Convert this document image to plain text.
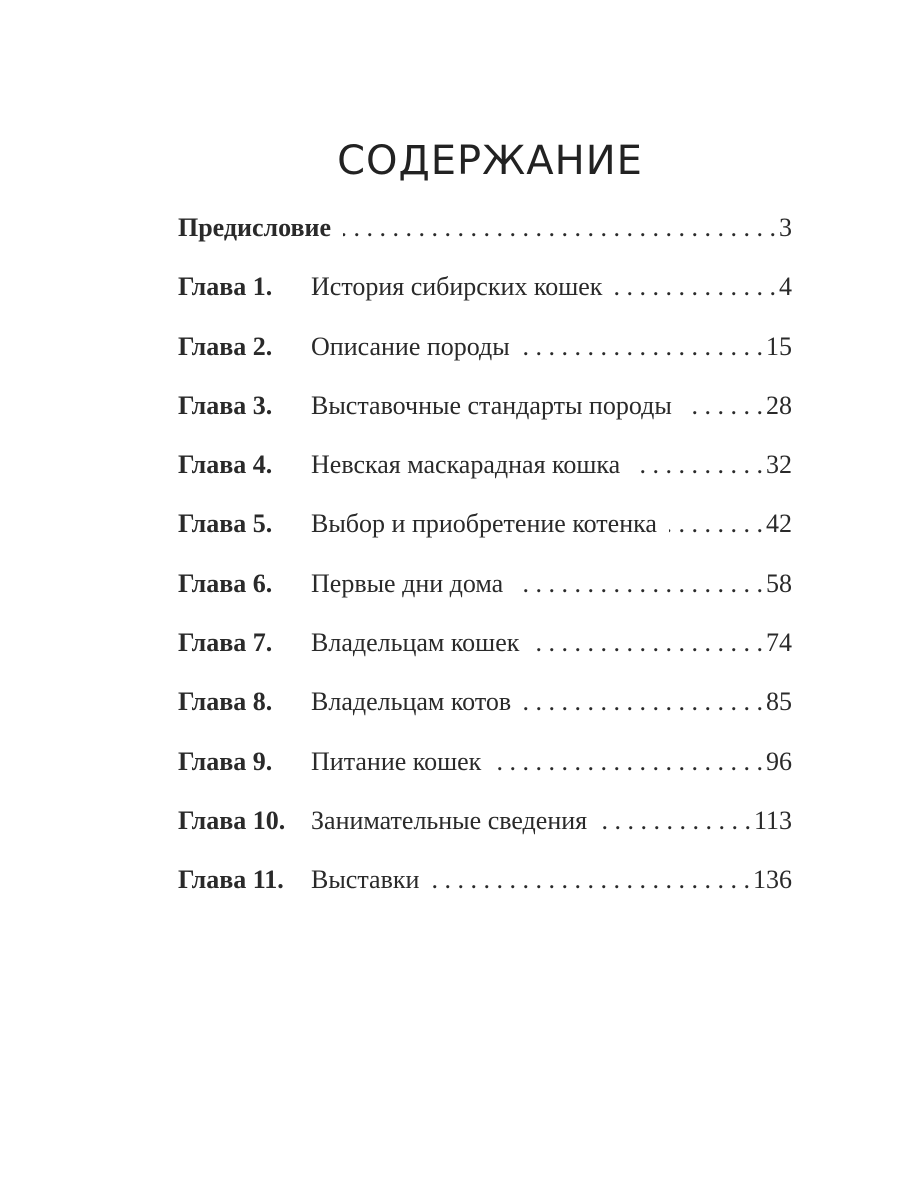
СОДЕРЖАНИЕ
Предисловие . . .	3
Глава 1.	История сибирских кошек . . .	4
Глава 2.	Описание породы . . .	15
Глава 3.	Выставочные стандарты породы . . .	28
Глава 4.	Невская маскарадная кошка . . .	32
Глава 5.	Выбор и приобретение котенка . . .	42
Глава 6.	Первые дни дома . . .	58
Глава 7.	Владельцам кошек . . .	74
Глава 8.	Владельцам котов . . .	85
Глава 9.	Питание кошек . . .	96
Глава 10. Занимательные сведения . . .	113
Глава 11.	Выставки . . .	136
